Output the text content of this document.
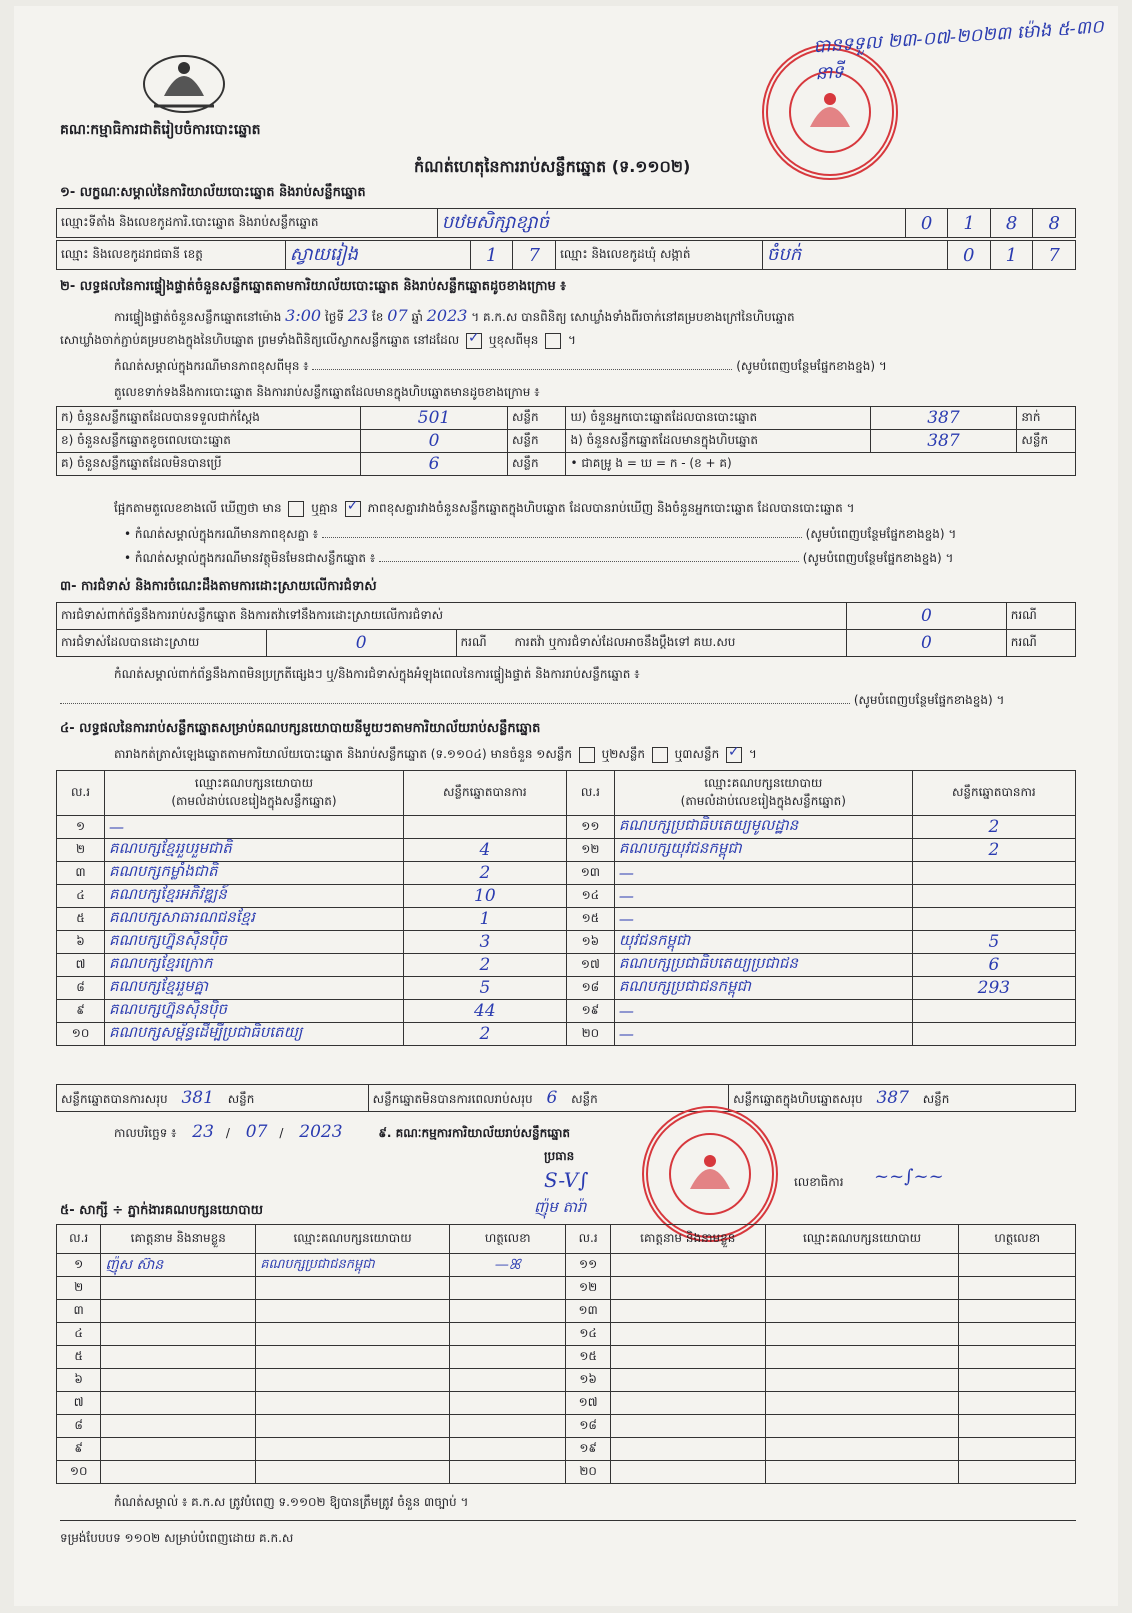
គណៈកម្មាធិការជាតិរៀបចំការបោះឆ្នោត
កំណត់ហេតុនៃការរាប់សន្លឹកឆ្នោត (ទ.១១០២)
បានទទួល ២៣-០៧-២០២៣ ម៉ោង ៥-៣០ នាទី
១- លក្ខណៈសម្គាល់នៃការិយាល័យបោះឆ្នោត និងរាប់សន្លឹកឆ្នោត
ឈ្មោះទីតាំង និងលេខកូដការិ.បោះឆ្នោត និងរាប់សន្លឹកឆ្នោត	បឋមសិក្សាខ្សាច់	0	1	8	8
ឈ្មោះ និងលេខកូដរាជធានី ខេត្ត	ស្វាយរៀង	1	7	ឈ្មោះ និងលេខកូដឃុំ សង្កាត់	ចំបក់	0	1	7
២- លទ្ធផលនៃការផ្ទៀងផ្ទាត់ចំនួនសន្លឹកឆ្នោតតាមការិយាល័យបោះឆ្នោត និងរាប់សន្លឹកឆ្នោតដូចខាងក្រោម ៖
ការផ្ទៀងផ្ទាត់ចំនួនសន្លឹកឆ្នោតនៅម៉ោង 3:00 ថ្ងៃទី 23 ខែ 07 ឆ្នាំ 2023 ។ គ.ក.ស បានពិនិត្យ សោឃ្លាំងទាំងពីរចាក់នៅគម្របខាងក្រៅនៃហិបឆ្នោត
សោឃ្លាំងចាក់ភ្ជាប់គម្របខាងក្នុងនៃហិបឆ្នោត ព្រមទាំងពិនិត្យលើស្លាកសន្លឹកឆ្នោត នៅដដែល ✓ ឬខុសពីមុន  ។
កំណត់សម្គាល់ក្នុងករណីមានភាពខុសពីមុន ៖	(សូមបំពេញបន្ថែមផ្នែកខាងខ្នង) ។
តួលេខទាក់ទងនឹងការបោះឆ្នោត និងការរាប់សន្លឹកឆ្នោតដែលមានក្នុងហិបឆ្នោតមានដូចខាងក្រោម ៖
ក) ចំនួនសន្លឹកឆ្នោតដែលបានទទួលជាក់ស្តែង	501	សន្លឹក	ឃ) ចំនួនអ្នកបោះឆ្នោតដែលបានបោះឆ្នោត	387	នាក់
ខ) ចំនួនសន្លឹកឆ្នោតខូចពេលបោះឆ្នោត	0	សន្លឹក	ង) ចំនួនសន្លឹកឆ្នោតដែលមានក្នុងហិបឆ្នោត	387	សន្លឹក
គ) ចំនួនសន្លឹកឆ្នោតដែលមិនបានប្រើ	6	សន្លឹក	• ជាគម្រូ ង = ឃ = ក - (ខ + គ)		
ផ្អែកតាមតួលេខខាងលើ ឃើញថា មាន ឬគ្មាន ✓ ភាពខុសគ្នារវាងចំនួនសន្លឹកឆ្នោតក្នុងហិបឆ្នោត ដែលបានរាប់ឃើញ និងចំនួនអ្នកបោះឆ្នោត ដែលបានបោះឆ្នោត ។
• កំណត់សម្គាល់ក្នុងករណីមានភាពខុសគ្នា ៖	(សូមបំពេញបន្ថែមផ្នែកខាងខ្នង) ។
• កំណត់សម្គាល់ក្នុងករណីមានវត្ថុមិនមែនជាសន្លឹកឆ្នោត ៖	(សូមបំពេញបន្ថែមផ្នែកខាងខ្នង) ។
៣- ការជំទាស់ និងការចំណេះដឹងតាមការដោះស្រាយលើការជំទាស់
ការជំទាស់ពាក់ព័ន្ធនឹងការរាប់សន្លឹកឆ្នោត និងការតវ៉ាទៅនឹងការដោះស្រាយលើការជំទាស់			0	ករណី
ការជំទាស់ដែលបានដោះស្រាយ	0	ករណី ការតវ៉ា ឬការជំទាស់ដែលអាចនឹងប្តឹងទៅ គឃ.សប	0	ករណី
កំណត់សម្គាល់ពាក់ព័ន្ធនឹងភាពមិនប្រក្រតីផ្សេងៗ ឬ/និងការជំទាស់ក្នុងអំឡុងពេលនៃការផ្ទៀងផ្ទាត់ និងការរាប់សន្លឹកឆ្នោត ៖
(សូមបំពេញបន្ថែមផ្នែកខាងខ្នង) ។
៤- លទ្ធផលនៃការរាប់សន្លឹកឆ្នោតសម្រាប់គណបក្សនយោបាយនីមួយៗតាមការិយាល័យរាប់សន្លឹកឆ្នោត
តារាងកត់ត្រាសំឡេងឆ្នោតតាមការិយាល័យបោះឆ្នោត និងរាប់សន្លឹកឆ្នោត (ទ.១១០៤) មានចំនួន ១សន្លឹក ឬ២សន្លឹក ឬ៣សន្លឹក ✓ ។
ល.រ	ឈ្មោះគណបក្សនយោបាយ
(តាមលំដាប់លេខរៀងក្នុងសន្លឹកឆ្នោត)	សន្លឹកឆ្នោតបានការ	ល.រ	ឈ្មោះគណបក្សនយោបាយ
(តាមលំដាប់លេខរៀងក្នុងសន្លឹកឆ្នោត)	សន្លឹកឆ្នោតបានការ
១	—		១១	គណបក្សប្រជាធិបតេយ្យមូលដ្ឋាន	2
២	គណបក្សខ្មែររួបរួមជាតិ	4	១២	គណបក្សយុវជនកម្ពុជា	2
៣	គណបក្សកម្លាំងជាតិ	2	១៣	—	
៤	គណបក្សខ្មែរអភិវឌ្ឍន៍	10	១៤	—	
៥	គណបក្សសាធារណជនខ្មែរ	1	១៥	—	
៦	គណបក្សហ្វ៊ុនស៊ិនប៉ិច	3	១៦	យុវជនកម្ពុជា	5
៧	គណបក្សខ្មែរក្រោក	2	១៧	គណបក្សប្រជាធិបតេយ្យប្រជាជន	6
៨	គណបក្សខ្មែររួមគ្នា	5	១៨	គណបក្សប្រជាជនកម្ពុជា	293
៩	គណបក្សហ្វ៊ុនស៊ិនប៉ិច	44	១៩	—	
១០	គណបក្សសម្ព័ន្ធដើម្បីប្រជាធិបតេយ្យ	2	២០	—	
សន្លឹកឆ្នោតបានការសរុប 381 សន្លឹក	សន្លឹកឆ្នោតមិនបានការពេលរាប់សរុប 6 សន្លឹក	សន្លឹកឆ្នោតក្នុងហិបឆ្នោតសរុប 387 សន្លឹក
កាលបរិច្ឆេទ ៖ 23 / 07 / 2023	៩. គណៈកម្មការការិយាល័យរាប់សន្លឹកឆ្នោត
ប្រធាន
S-V∫
ញ៉ុម តារ៉ា
លេខាធិការ ~~∫~~
៥- សាក្សី ÷ ភ្នាក់ងារគណបក្សនយោបាយ
ល.រ	គោត្តនាម និងនាមខ្លួន	ឈ្មោះគណបក្សនយោបាយ	ហត្ថលេខា	ល.រ	គោត្តនាម និងនាមខ្លួន	ឈ្មោះគណបក្សនយោបាយ	ហត្ថលេខា
១	ញ៉ុស ស៊ាន	គណបក្សប្រជាជនកម្ពុជា	—ꕤ	១១			
២				១២			
៣				១៣			
៤				១៤			
៥				១៥			
៦				១៦			
៧				១៧			
៨				១៨			
៩				១៩			
១០				២០			
កំណត់សម្គាល់ ៖ គ.ក.ស ត្រូវបំពេញ ទ.១១០២ ឱ្យបានត្រឹមត្រូវ ចំនួន ៣ច្បាប់ ។
ទម្រង់បែបបទ ១១០២ សម្រាប់បំពេញដោយ គ.ក.ស
